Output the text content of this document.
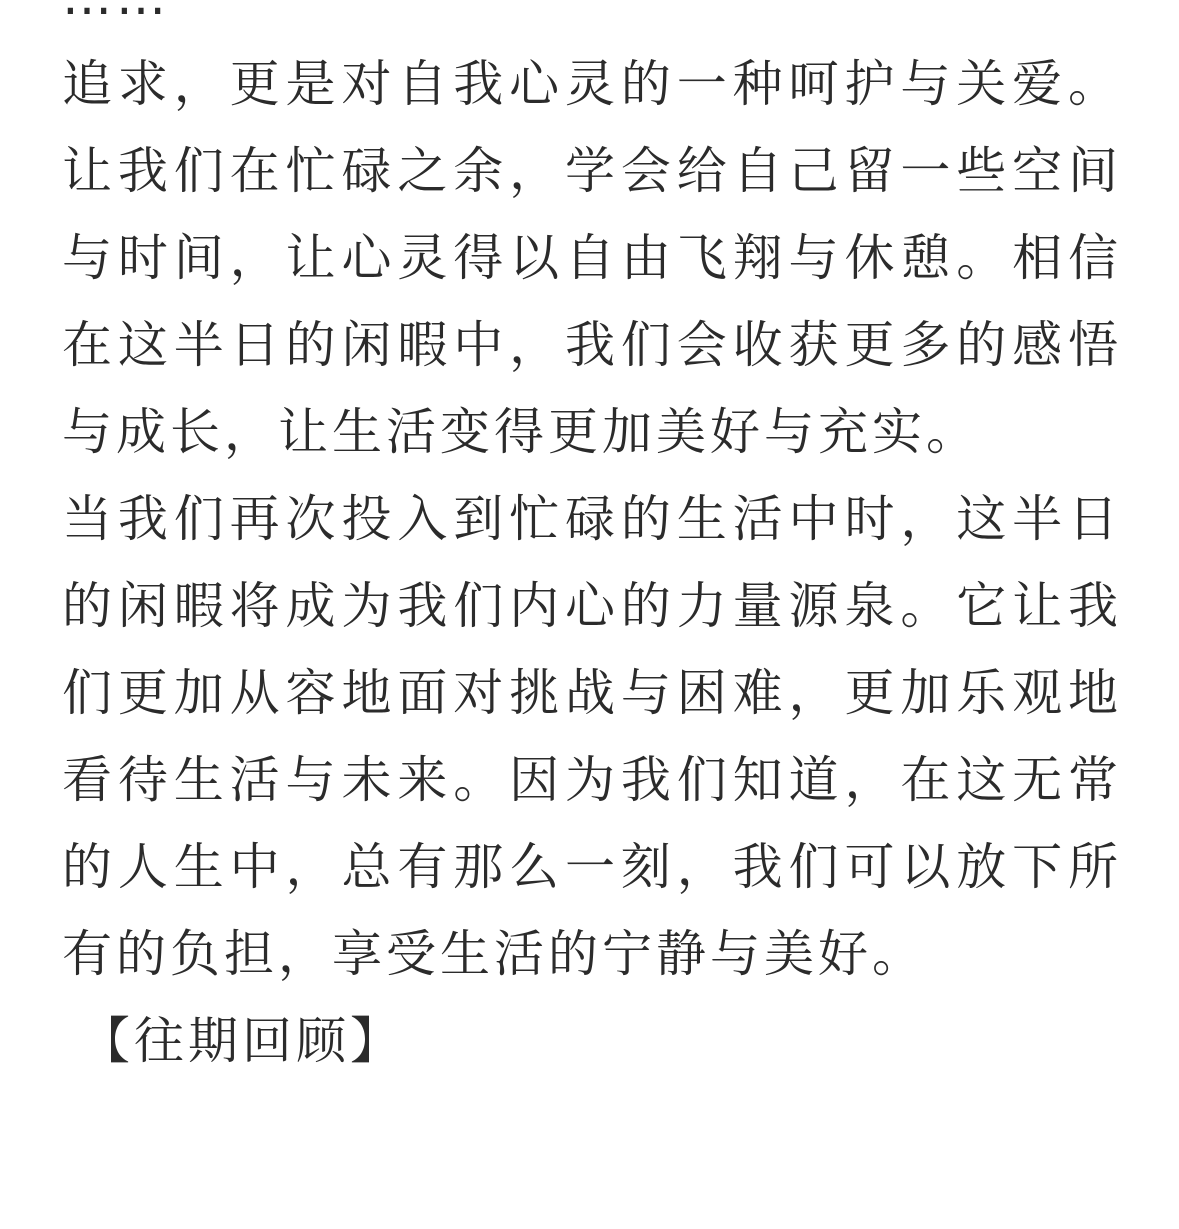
追求，更是对自我心灵的一种呵护与关爱。让我们在忙碌之余，学会给自己留一些空间与时间，让心灵得以自由飞翔与休憩。相信在这半日的闲暇中，我们会收获更多的感悟与成长，让生活变得更加美好与充实。

当我们再次投入到忙碌的生活中时，这半日的闲暇将成为我们内心的力量源泉。它让我们更加从容地面对挑战与困难，更加乐观地看待生活与未来。因为我们知道，在这无常的人生中，总有那么一刻，我们可以放下所有的负担，享受生活的宁静与美好。

【往期回顾】
